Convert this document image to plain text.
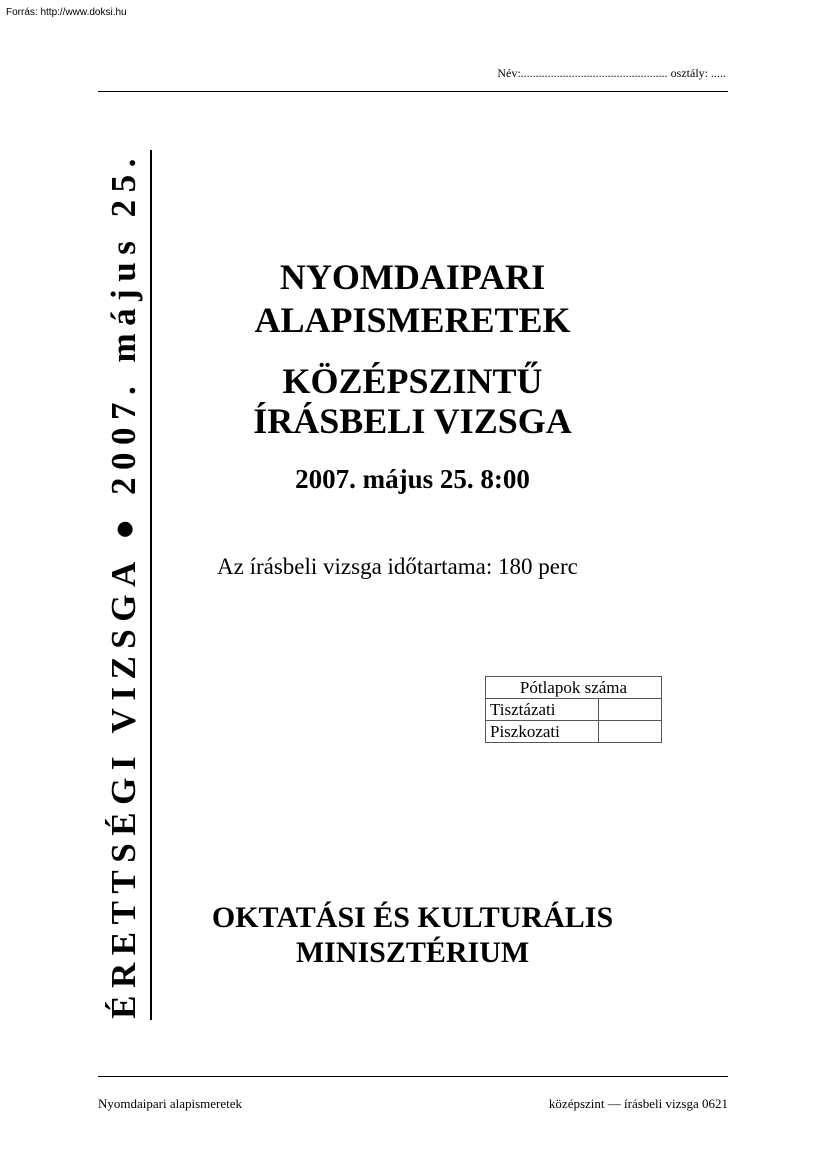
Forrás: http://www.doksi.hu
Név:................................................. osztály: .....
ÉRETTSÉGI VIZSGA ● 2007. május 25.	NYOMDAIPARI
ALAPISMERETEK
KÖZÉPSZINTŰ
ÍRÁSBELI VIZSGA
2007. május 25. 8:00
Az írásbeli vizsga időtartama: 180 perc
Pótlapok száma	
Tisztázati	
Piszkozati	
OKTATÁSI ÉS KULTURÁLIS
MINISZTÉRIUM
Nyomdaipari alapismeretek	középszint — írásbeli vizsga 0621
